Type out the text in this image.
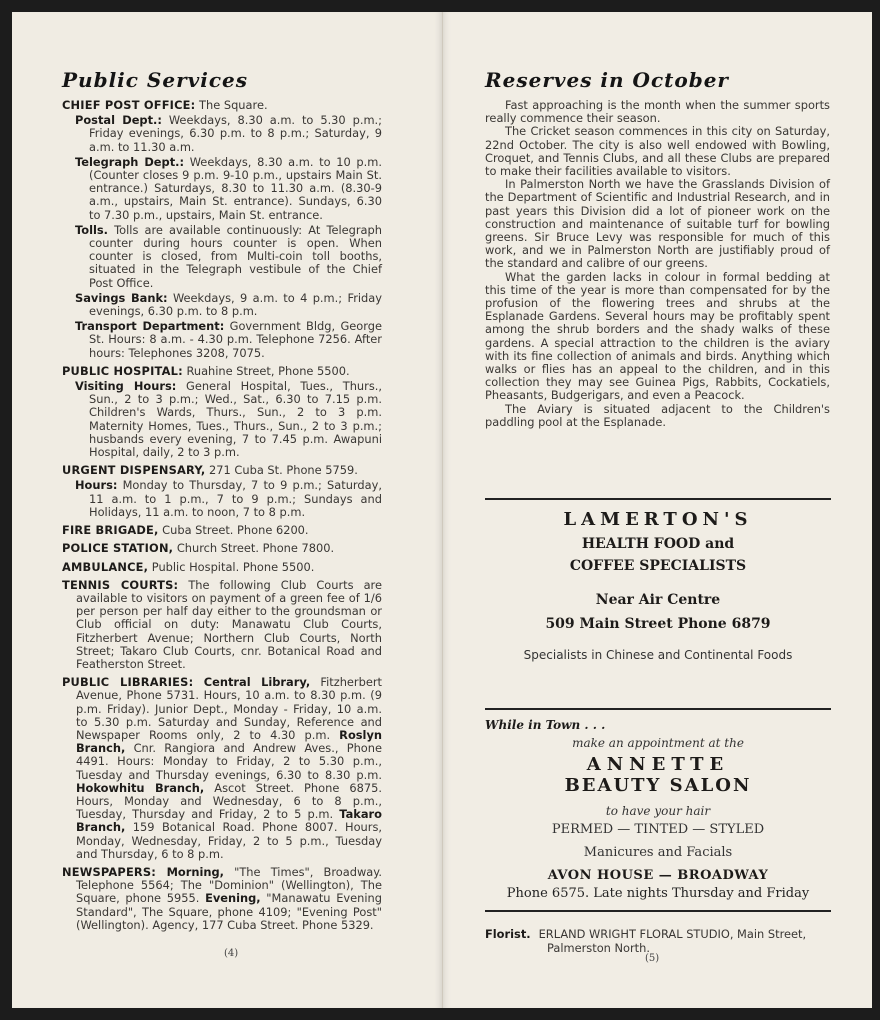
Public Services
CHIEF POST OFFICE: The Square.
Postal Dept.: Weekdays, 8.30 a.m. to 5.30 p.m.; Friday evenings, 6.30 p.m. to 8 p.m.; Saturday, 9 a.m. to 11.30 a.m.
Telegraph Dept.: Weekdays, 8.30 a.m. to 10 p.m. (Counter closes 9 p.m. 9-10 p.m., upstairs Main St. entrance.) Saturdays, 8.30 to 11.30 a.m. (8.30-9 a.m., upstairs, Main St. entrance). Sundays, 6.30 to 7.30 p.m., upstairs, Main St. entrance.
Tolls. Tolls are available continuously: At Telegraph counter during hours counter is open. When counter is closed, from Multi-coin toll booths, situated in the Telegraph vestibule of the Chief Post Office.
Savings Bank: Weekdays, 9 a.m. to 4 p.m.; Friday evenings, 6.30 p.m. to 8 p.m.
Transport Department: Government Bldg, George St. Hours: 8 a.m. - 4.30 p.m. Telephone 7256. After hours: Telephones 3208, 7075.
PUBLIC HOSPITAL: Ruahine Street, Phone 5500.
Visiting Hours: General Hospital, Tues., Thurs., Sun., 2 to 3 p.m.; Wed., Sat., 6.30 to 7.15 p.m. Children's Wards, Thurs., Sun., 2 to 3 p.m. Maternity Homes, Tues., Thurs., Sun., 2 to 3 p.m.; husbands every evening, 7 to 7.45 p.m. Awapuni Hospital, daily, 2 to 3 p.m.
URGENT DISPENSARY, 271 Cuba St. Phone 5759.
Hours: Monday to Thursday, 7 to 9 p.m.; Saturday, 11 a.m. to 1 p.m., 7 to 9 p.m.; Sundays and Holidays, 11 a.m. to noon, 7 to 8 p.m.
FIRE BRIGADE, Cuba Street. Phone 6200.
POLICE STATION, Church Street. Phone 7800.
AMBULANCE, Public Hospital. Phone 5500.
TENNIS COURTS: The following Club Courts are available to visitors on payment of a green fee of 1/6 per person per half day either to the groundsman or Club official on duty: Manawatu Club Courts, Fitzherbert Avenue; Northern Club Courts, North Street; Takaro Club Courts, cnr. Botanical Road and Featherston Street.
PUBLIC LIBRARIES: Central Library, Fitzherbert Avenue, Phone 5731. Hours, 10 a.m. to 8.30 p.m. (9 p.m. Friday). Junior Dept., Monday - Friday, 10 a.m. to 5.30 p.m. Saturday and Sunday, Reference and Newspaper Rooms only, 2 to 4.30 p.m. Roslyn Branch, Cnr. Rangiora and Andrew Aves., Phone 4491. Hours: Monday to Friday, 2 to 5.30 p.m., Tuesday and Thursday evenings, 6.30 to 8.30 p.m. Hokowhitu Branch, Ascot Street. Phone 6875. Hours, Monday and Wednesday, 6 to 8 p.m., Tuesday, Thursday and Friday, 2 to 5 p.m. Takaro Branch, 159 Botanical Road. Phone 8007. Hours, Monday, Wednesday, Friday, 2 to 5 p.m., Tuesday and Thursday, 6 to 8 p.m.
NEWSPAPERS: Morning, "The Times", Broadway. Telephone 5564; The "Dominion" (Wellington), The Square, phone 5955. Evening, "Manawatu Evening Standard", The Square, phone 4109; "Evening Post" (Wellington). Agency, 177 Cuba Street. Phone 5329.
(4)
Reserves in October

Fast approaching is the month when the summer sports really commence their season.

The Cricket season commences in this city on Saturday, 22nd October. The city is also well endowed with Bowling, Croquet, and Tennis Clubs, and all these Clubs are prepared to make their facilities available to visitors.

In Palmerston North we have the Grasslands Division of the Department of Scientific and Industrial Research, and in past years this Division did a lot of pioneer work on the construction and maintenance of suitable turf for bowling greens. Sir Bruce Levy was responsible for much of this work, and we in Palmerston North are justifiably proud of the standard and calibre of our greens.

What the garden lacks in colour in formal bedding at this time of the year is more than compensated for by the profusion of the flowering trees and shrubs at the Esplanade Gardens. Several hours may be profitably spent among the shrub borders and the shady walks of these gardens. A special attraction to the children is the aviary with its fine collection of animals and birds. Anything which walks or flies has an appeal to the children, and in this collection they may see Guinea Pigs, Rabbits, Cockatiels, Pheasants, Budgerigars, and even a Peacock.

The Aviary is situated adjacent to the Children's paddling pool at the Esplanade.

LAMERTON'S
HEALTH FOOD and
COFFEE SPECIALISTS
Near Air Centre
509 Main Street Phone 6879
Specialists in Chinese and Continental Foods
While in Town . . .
make an appointment at the
ANNETTE
BEAUTY SALON
to have your hair
PERMED — TINTED — STYLED
Manicures and Facials
AVON HOUSE — BROADWAY
Phone 6575. Late nights Thursday and Friday
Florist. ERLAND WRIGHT FLORAL STUDIO, Main Street, Palmerston North.
(5)
